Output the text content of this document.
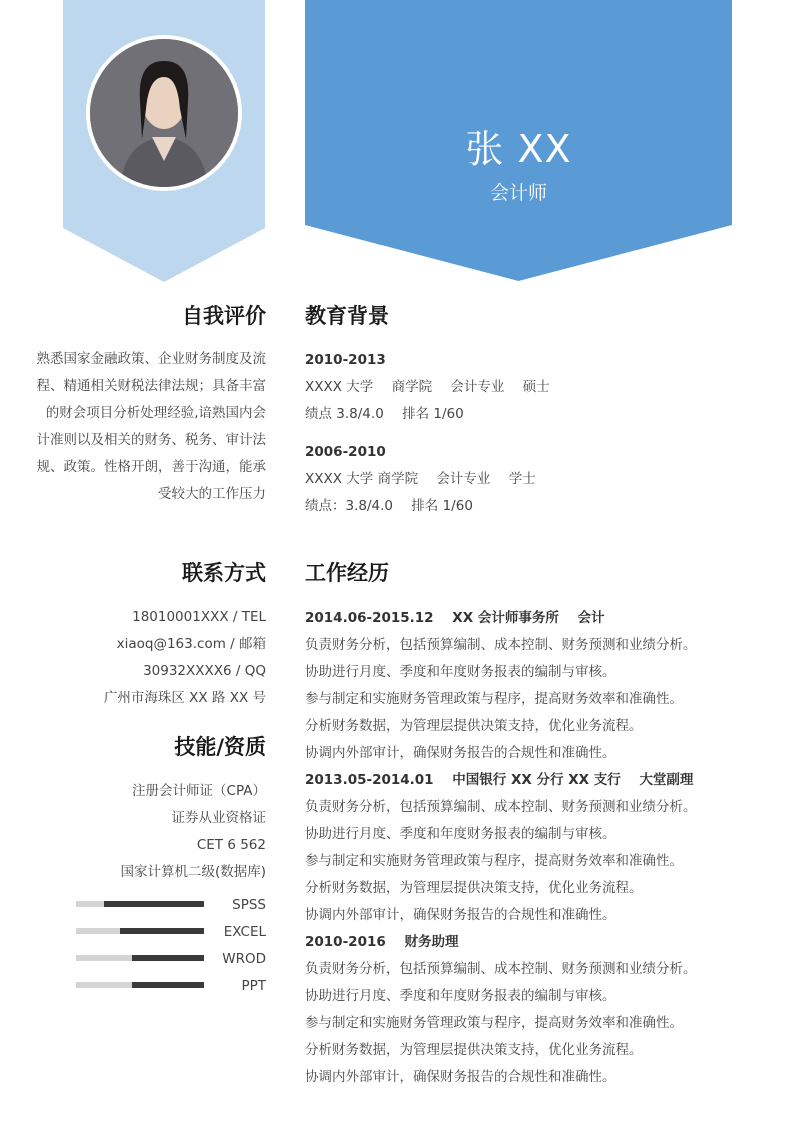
张 XX
会计师
自我评价
熟悉国家金融政策、企业财务制度及流
程、精通相关财税法律法规；具备丰富
的财会项目分析处理经验,谙熟国内会
计准则以及相关的财务、税务、审计法
规、政策。性格开朗，善于沟通，能承
受较大的工作压力
教育背景
2010-2013
XXXX 大学 商学院 会计专业 硕士
绩点 3.8/4.0 排名 1/60
2006-2010
XXXX 大学 商学院 会计专业 学士
绩点：3.8/4.0 排名 1/60
联系方式
18010001XXX / TEL
xiaoq@163.com / 邮箱
30932XXXX6 / QQ
广州市海珠区 XX 路 XX 号
技能/资质
注册会计师证（CPA）
证券从业资格证
CET 6 562
国家计算机二级(数据库)
SPSS
EXCEL
WROD
PPT
工作经历
2014.06-2015.12 XX 会计师事务所 会计
负责财务分析，包括预算编制、成本控制、财务预测和业绩分析。
协助进行月度、季度和年度财务报表的编制与审核。
参与制定和实施财务管理政策与程序，提高财务效率和准确性。
分析财务数据，为管理层提供决策支持，优化业务流程。
协调内外部审计，确保财务报告的合规性和准确性。
2013.05-2014.01 中国银行 XX 分行 XX 支行 大堂副理
负责财务分析，包括预算编制、成本控制、财务预测和业绩分析。
协助进行月度、季度和年度财务报表的编制与审核。
参与制定和实施财务管理政策与程序，提高财务效率和准确性。
分析财务数据，为管理层提供决策支持，优化业务流程。
协调内外部审计，确保财务报告的合规性和准确性。
2010-2016 财务助理
负责财务分析，包括预算编制、成本控制、财务预测和业绩分析。
协助进行月度、季度和年度财务报表的编制与审核。
参与制定和实施财务管理政策与程序，提高财务效率和准确性。
分析财务数据，为管理层提供决策支持，优化业务流程。
协调内外部审计，确保财务报告的合规性和准确性。
